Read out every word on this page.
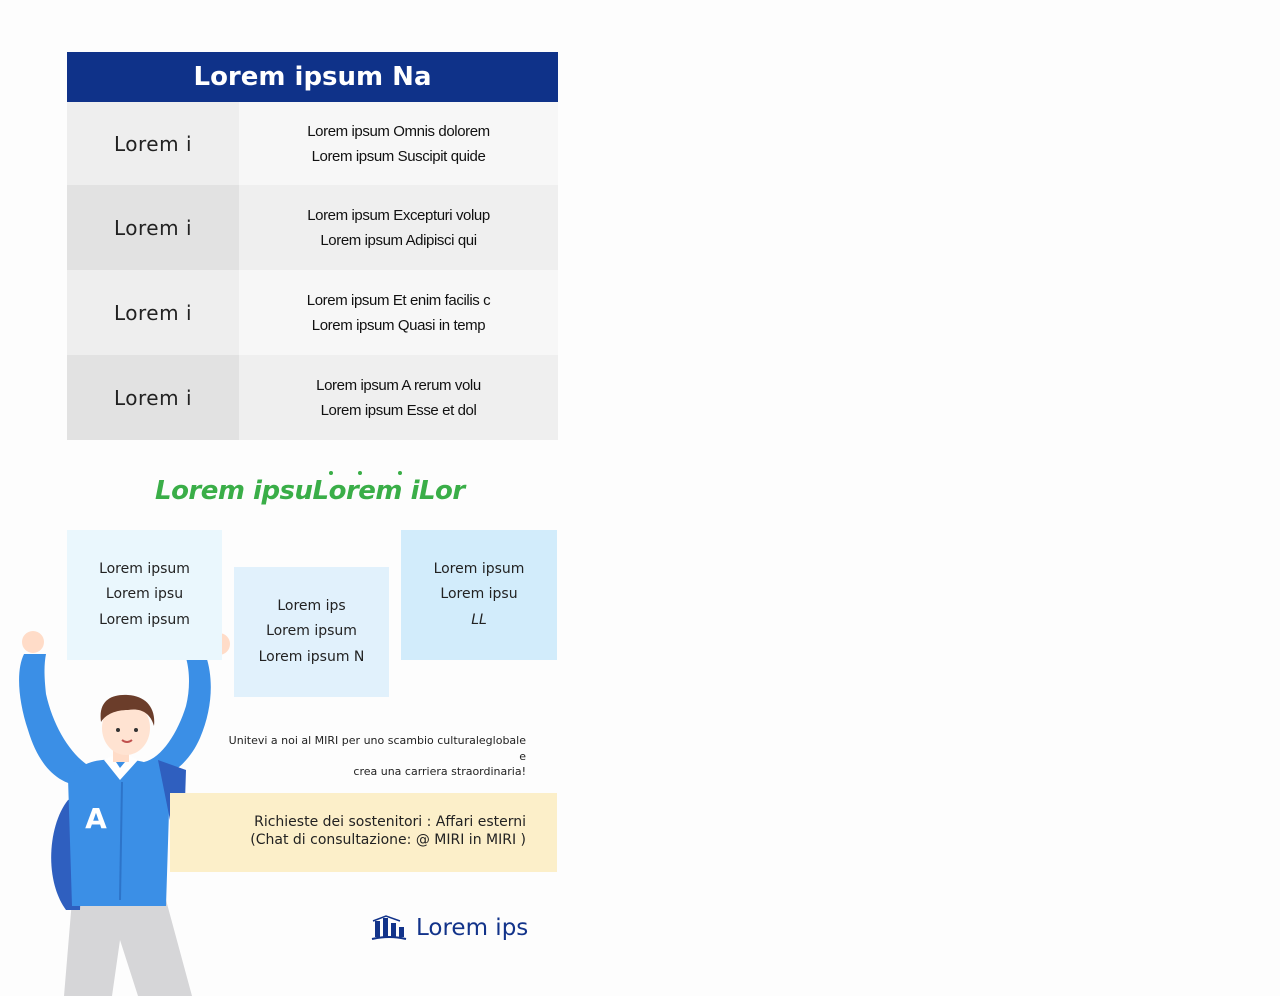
Lorem ipsum Na
Lorem i
Lorem ipsum Omnis dolorem
Lorem ipsum Suscipit quide
Lorem i
Lorem ipsum Excepturi volup
Lorem ipsum Adipisci qui
Lorem i
Lorem ipsum Et enim facilis c
Lorem ipsum Quasi in temp
Lorem i
Lorem ipsum A rerum volu
Lorem ipsum Esse et dol
Lorem ipsuLorem iLor
A
Lorem ipsum
Lorem ipsu
Lorem ipsum
Lorem ips
Lorem ipsum
Lorem ipsum N
Lorem ipsum
Lorem ipsu
LL
Unitevi a noi al MIRI per uno scambio culturaleglobale
e
crea una carriera straordinaria!
Richieste dei sostenitori : Affari esterni
(Chat di consultazione: @ MIRI in MIRI )
Lorem ips
